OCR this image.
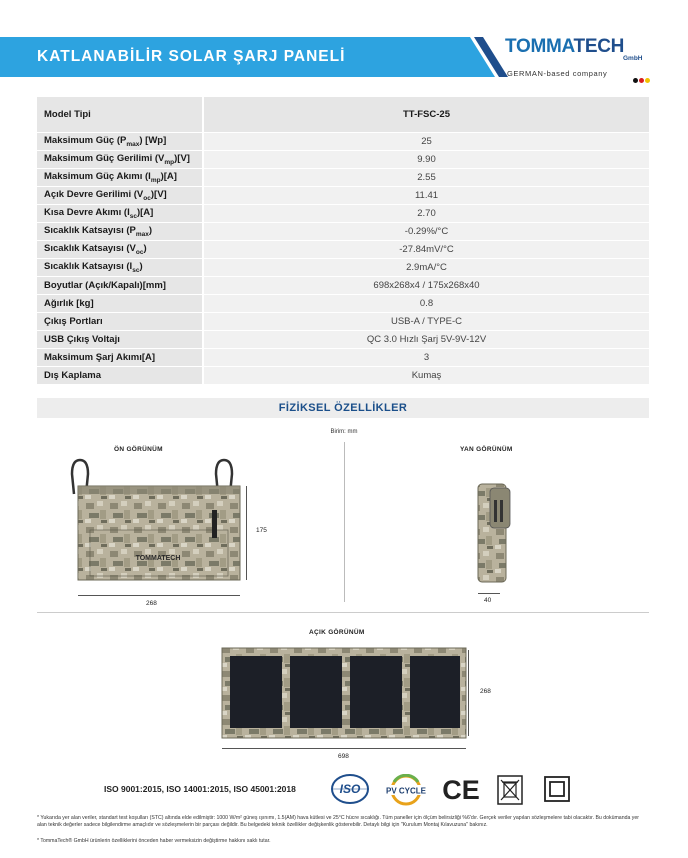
KATLANABİLİR SOLAR ŞARJ PANELİ	TOMMATECH
GmbH
GERMAN-based company
Model Tipi	TT-FSC-25
Maksimum Güç $(P_{max})$ [Wp]	25
Maksimum Güç Gerilimi $(V_{mp})[V]$	9.90
Maksimum Güç Akımı $(I_{mp})[A]$	2.55
Açık Devre Gerilimi $(V_{oc})[V]$	11.41
Kısa Devre Akımı $(I_{sc})[A]$	2.70
Sıcaklık Katsayısı $(P_{max})$	-0.29%/°C
Sıcaklık Katsayısı $(V_{oc})$	-27.84mV/°C
Sıcaklık Katsayısı $(I_{sc})$	2.9mA/°C
Boyutlar (Açık/Kapalı)[mm]	698x268x4 / 175x268x40
Ağırlık [kg]	0.8
Çıkış Portları	USB-A / TYPE-C
USB Çıkış Voltajı	QC 3.0 Hızlı Şarj 5V-9V-12V
Maksimum Şarj Akımı[A]	3
Dış Kaplama	Kumaş
FİZİKSEL ÖZELLİKLER
Birim: mm
ÖN GÖRÜNÜM
TOMMATECH
175
268
YAN GÖRÜNÜM
40
AÇIK GÖRÜNÜM
268
698
ISO 9001:2015, ISO 14001:2015, ISO 45001:2018	ISO	PV CYCLE CE
* Yukarıda yer alan veriler, standart test koşulları (STC) altında elde edilmiştir: 1000 W/m² güneş ışınımı, 1.5(AM) hava kütlesi ve 25°C hücre sıcaklığı. Tüm paneller için ölçüm belirsizliği %6'dır. Gerçek veriler yapılan sözleşmelere tabi olacaktır. Bu dokümanda yer alan teknik değerler sadece bilgilendirme amaçlıdır ve sözleşmelerin bir parçası değildir. Bu belgedeki teknik özellikler değişkenlik gösterebilir. Detaylı bilgi için "Kurulum Montaj Kılavuzuna" bakınız.
* TommaTech® GmbH ürünlerin özelliklerini önceden haber vermeksizin değiştirme hakkını saklı tutar.
